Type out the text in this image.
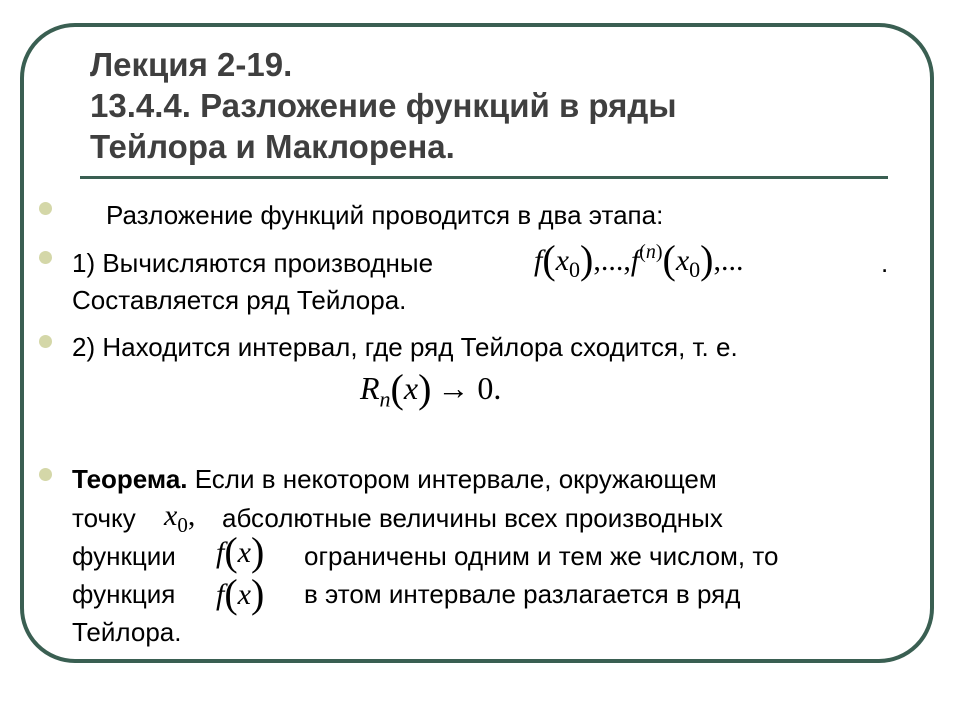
Лекция 2-19.
13.4.4. Разложение функций в ряды
Тейлора и Маклорена.
Разложение функций проводится в два этапа:
1) Вычисляются производные	$f(x_0),...,f^{(n)}(x_0)$,...	.
Составляется ряд Тейлора.
2) Находится интервал, где ряд Тейлора сходится, т. е.
$R_n(x) \to 0$.
Теорема. Если в некотором интервале, окружающем
точку $x_0$, абсолютные величины всех производных
функции f(x) ограничены одним и тем же числом, то
функция f(x) в этом интервале разлагается в ряд
Тейлора.
